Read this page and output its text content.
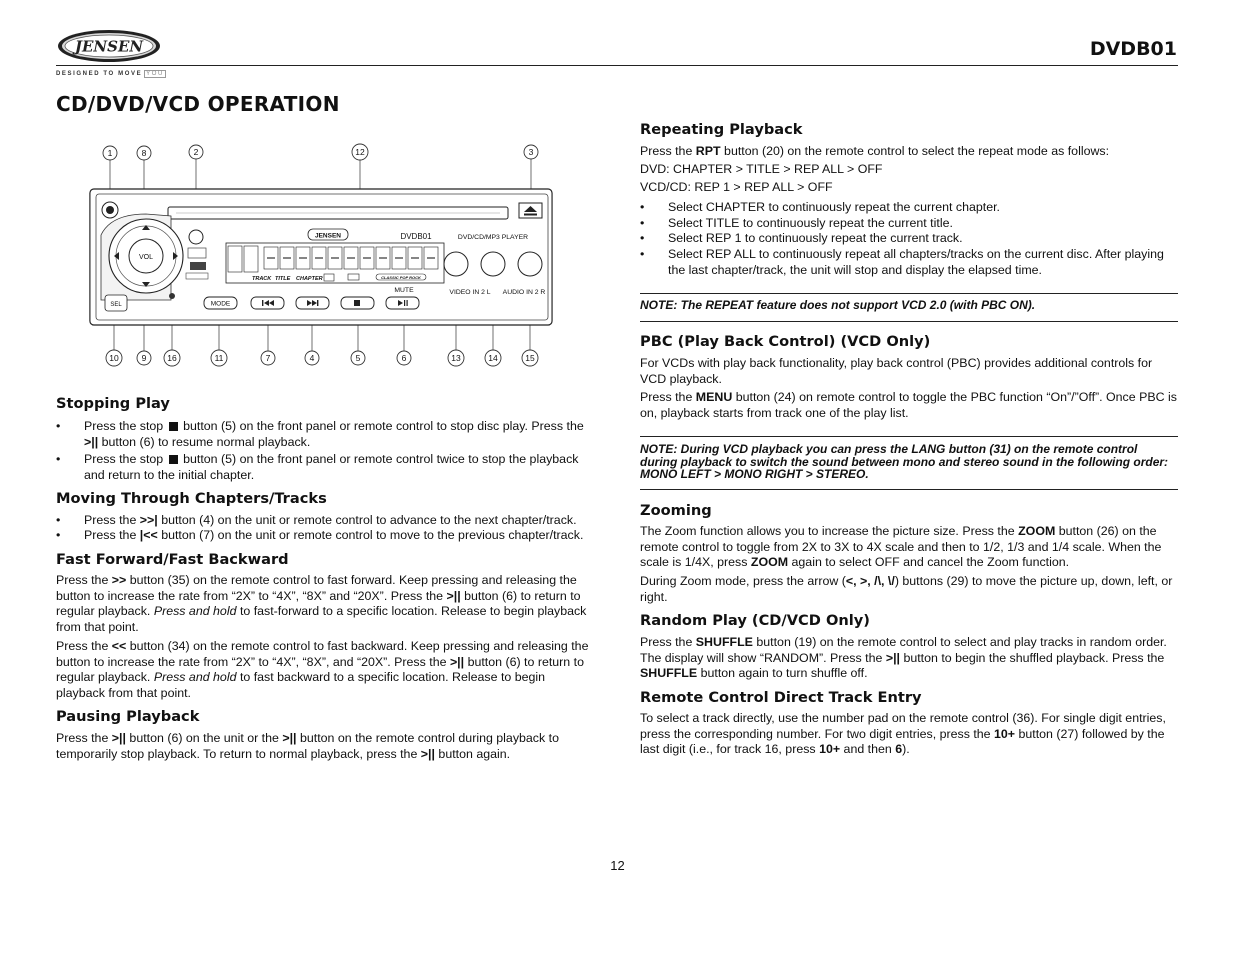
JENSEN
DESIGNED TO MOVE YOU
DVDB01
CD/DVD/VCD OPERATION
VOL
SEL
JENSEN	DVDB01	DVD/CD/MP3 PLAYER
TRACK TITLE CHAPTER	CLASSIC POP ROCK
VIDEO IN 2 L AUDIO IN 2 R
MUTE
MODE
1	8	2	12	3
10	9 16	11	7	4	5	6	13	14	15
Stopping Play
• Press the stop button (5) on the front panel or remote control to stop disc play. Press the >|| button (6) to resume normal playback.
• Press the stop button (5) on the front panel or remote control twice to stop the playback and return to the initial chapter.
Moving Through Chapters/Tracks
• Press the >>| button (4) on the unit or remote control to advance to the next chapter/track.
• Press the |<< button (7) on the unit or remote control to move to the previous chapter/track.
Fast Forward/Fast Backward
Press the >> button (35) on the remote control to fast forward. Keep pressing and releasing the button to increase the rate from “2X” to “4X”, “8X” and “20X”. Press the >|| button (6) to return to regular playback. Press and hold to fast-forward to a specific location. Release to begin playback from that point.
Press the << button (34) on the remote control to fast backward. Keep pressing and releasing the button to increase the rate from “2X” to “4X”, “8X”, and “20X”. Press the >|| button (6) to return to regular playback. Press and hold to fast backward to a specific location. Release to begin playback from that point.
Pausing Playback
Press the >|| button (6) on the unit or the >|| button on the remote control during playback to temporarily stop playback. To return to normal playback, press the >|| button again.
Repeating Playback
Press the RPT button (20) on the remote control to select the repeat mode as follows:
DVD: CHAPTER > TITLE > REP ALL > OFF
VCD/CD: REP 1 > REP ALL > OFF
• Select CHAPTER to continuously repeat the current chapter.
• Select TITLE to continuously repeat the current title.
• Select REP 1 to continuously repeat the current track.
• Select REP ALL to continuously repeat all chapters/tracks on the current disc. After playing the last chapter/track, the unit will stop and display the elapsed time.
NOTE: The REPEAT feature does not support VCD 2.0 (with PBC ON).
PBC (Play Back Control) (VCD Only)
For VCDs with play back functionality, play back control (PBC) provides additional controls for VCD playback.
Press the MENU button (24) on remote control to toggle the PBC function “On”/”Off”. Once PBC is on, playback starts from track one of the play list.
NOTE: During VCD playback you can press the LANG button (31) on the remote control during playback to switch the sound between mono and stereo sound in the following order: MONO LEFT > MONO RIGHT > STEREO.
Zooming
The Zoom function allows you to increase the picture size. Press the ZOOM button (26) on the remote control to toggle from 2X to 3X to 4X scale and then to 1/2, 1/3 and 1/4 scale. When the scale is 1/4X, press ZOOM again to select OFF and cancel the Zoom function.
During Zoom mode, press the arrow (<, >, /\, \/) buttons (29) to move the picture up, down, left, or right.
Random Play (CD/VCD Only)
Press the SHUFFLE button (19) on the remote control to select and play tracks in random order. The display will show “RANDOM”. Press the >|| button to begin the shuffled playback. Press the SHUFFLE button again to turn shuffle off.
Remote Control Direct Track Entry
To select a track directly, use the number pad on the remote control (36). For single digit entries, press the corresponding number. For two digit entries, press the 10+ button (27) followed by the last digit (i.e., for track 16, press 10+ and then 6).
12
